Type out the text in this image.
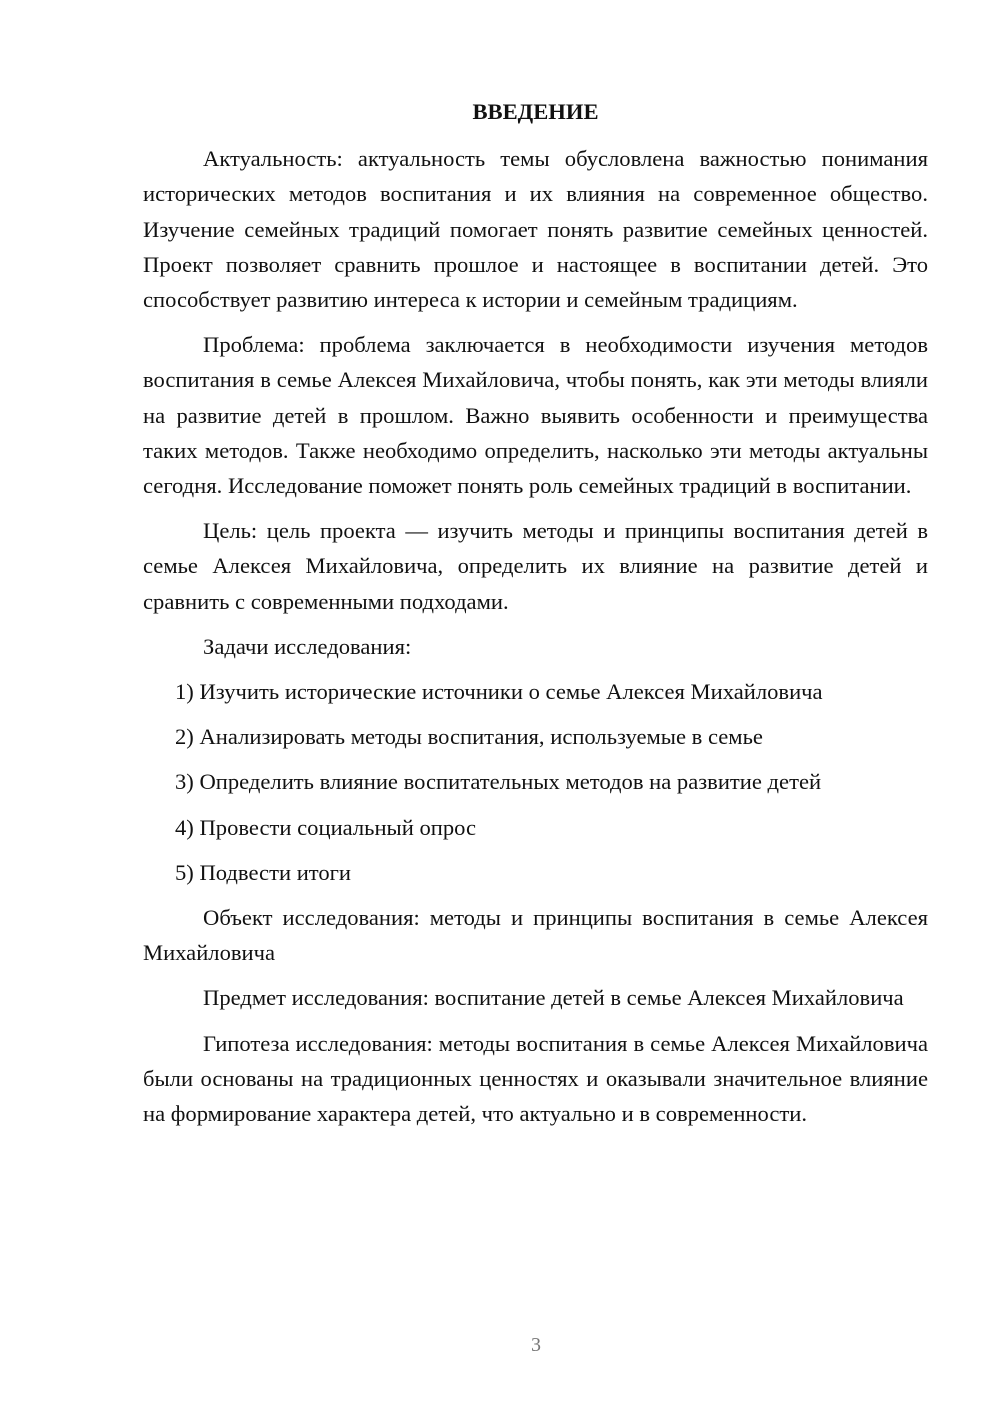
ВВЕДЕНИЕ

Актуальность: актуальность темы обусловлена важностью понимания исторических методов воспитания и их влияния на современное общество. Изучение семейных традиций помогает понять развитие семейных ценностей. Проект позволяет сравнить прошлое и настоящее в воспитании детей. Это способствует развитию интереса к истории и семейным традициям.

Проблема: проблема заключается в необходимости изучения методов воспитания в семье Алексея Михайловича, чтобы понять, как эти методы влияли на развитие детей в прошлом. Важно выявить особенности и преимущества таких методов. Также необходимо определить, насколько эти методы актуальны сегодня. Исследование поможет понять роль семейных традиций в воспитании.

Цель: цель проекта — изучить методы и принципы воспитания детей в семье Алексея Михайловича, определить их влияние на развитие детей и сравнить с современными подходами.

Задачи исследования:

1) Изучить исторические источники о семье Алексея Михайловича
2) Анализировать методы воспитания, используемые в семье
3) Определить влияние воспитательных методов на развитие детей
4) Провести социальный опрос
5) Подвести итоги

Объект исследования: методы и принципы воспитания в семье Алексея Михайловича

Предмет исследования: воспитание детей в семье Алексея Михайловича

Гипотеза исследования: методы воспитания в семье Алексея Михайловича были основаны на традиционных ценностях и оказывали значительное влияние на формирование характера детей, что актуально и в современности.

3
